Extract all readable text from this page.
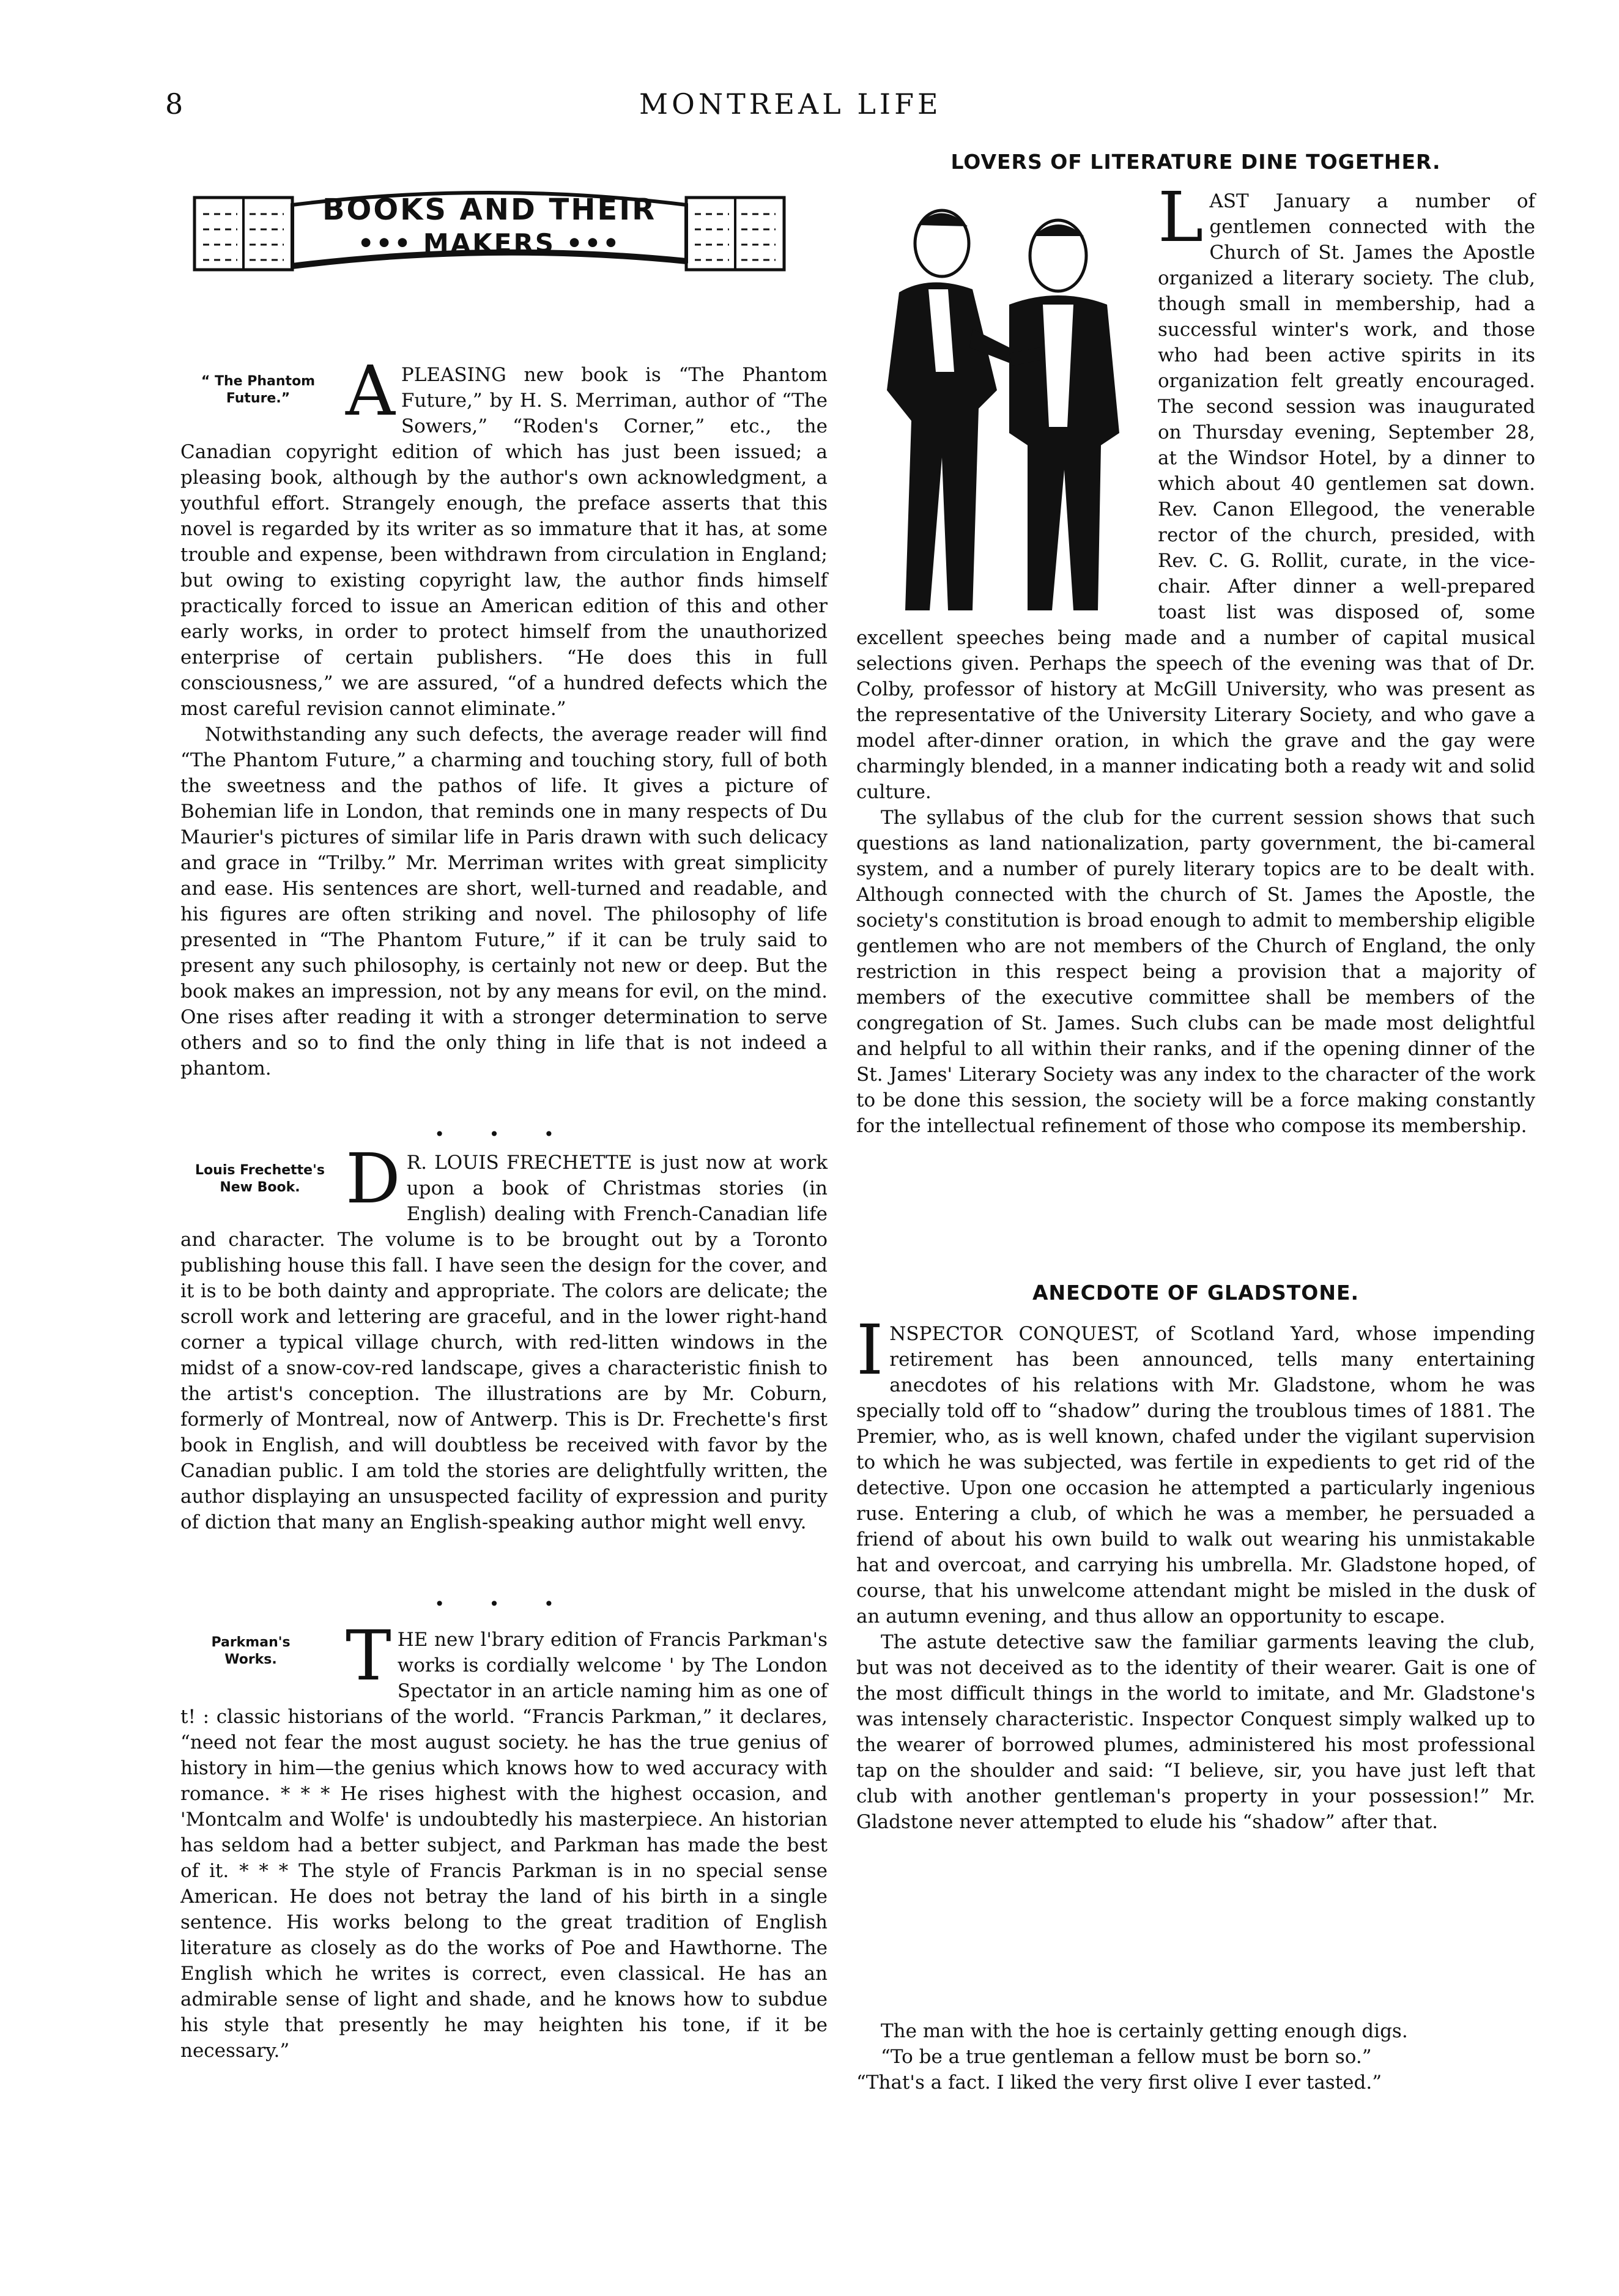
8	MONTREAL LIFE
BOOKS AND THEIR
••• MAKERS •••
“ The Phantom Future.” A PLEASING new book is “The Phantom Future,” by H. S. Merriman, author of “The Sowers,” “Roden's Corner,” etc., the Canadian copyright edition of which has just been issued; a pleasing book, although by the author's own acknowledgment, a youthful effort. Strangely enough, the preface asserts that this novel is regarded by its writer as so immature that it has, at some trouble and expense, been withdrawn from circulation in England; but owing to existing copyright law, the author finds himself practically forced to issue an American edition of this and other early works, in order to protect himself from the unauthorized enterprise of certain publishers. “He does this in full consciousness,” we are assured, “of a hundred defects which the most careful revision cannot eliminate.”

Notwithstanding any such defects, the average reader will find “The Phantom Future,” a charming and touching story, full of both the sweetness and the pathos of life. It gives a picture of Bohemian life in London, that reminds one in many respects of Du Maurier's pictures of similar life in Paris drawn with such delicacy and grace in “Trilby.” Mr. Merriman writes with great simplicity and ease. His sentences are short, well-turned and readable, and his figures are often striking and novel. The philosophy of life presented in “The Phantom Future,” if it can be truly said to present any such philosophy, is certainly not new or deep. But the book makes an impression, not by any means for evil, on the mind. One rises after reading it with a stronger determination to serve others and so to find the only thing in life that is not indeed a phantom.

• • •
Louis Frechette's New Book. D R. LOUIS FRECHETTE is just now at work upon a book of Christmas stories (in English) dealing with French-Canadian life and character. The volume is to be brought out by a Toronto publishing house this fall. I have seen the design for the cover, and it is to be both dainty and appropriate. The colors are delicate; the scroll work and lettering are graceful, and in the lower right-hand corner a typical village church, with red-litten windows in the midst of a snow-cov-red landscape, gives a characteristic finish to the artist's conception. The illustrations are by Mr. Coburn, formerly of Montreal, now of Antwerp. This is Dr. Frechette's first book in English, and will doubtless be received with favor by the Canadian public. I am told the stories are delightfully written, the author displaying an unsuspected facility of expression and purity of diction that many an English-speaking author might well envy.

• • •
Parkman's Works.	T HE new l'brary edition of Francis Parkman's works is cordially welcome ' by The London Spectator in an article naming him as one of t! : classic historians of the world. “Francis Parkman,” it declares, “need not fear the most august society. he has the true genius of history in him—the genius which knows how to wed accuracy with romance. * * * He rises highest with the highest occasion, and 'Montcalm and Wolfe' is undoubtedly his masterpiece. An historian has seldom had a better subject, and Parkman has made the best of it. * * * The style of Francis Parkman is in no special sense American. He does not betray the land of his birth in a single sentence. His works belong to the great tradition of English literature as closely as do the works of Poe and Hawthorne. The English which he writes is correct, even classical. He has an admirable sense of light and shade, and he knows how to subdue his style that presently he may heighten his tone, if it be necessary.”

LOVERS OF LITERATURE DINE TOGETHER.
L AST January a number of gentlemen connected with the Church of St. James the Apostle organized a literary society. The club, though small in membership, had a successful winter's work, and those who had been active spirits in its organization felt greatly encouraged. The second session was inaugurated on Thursday evening, September 28, at the Windsor Hotel, by a dinner to which about 40 gentlemen sat down. Rev. Canon Ellegood, the venerable rector of the church, presided, with Rev. C. G. Rollit, curate, in the vice-chair. After dinner a well-prepared toast list was disposed of, some excellent speeches being made and a number of capital musical selections given. Perhaps the speech of the evening was that of Dr. Colby, professor of history at McGill University, who was present as the representative of the University Literary Society, and who gave a model after-dinner oration, in which the grave and the gay were charmingly blended, in a manner indicating both a ready wit and solid culture.

The syllabus of the club for the current session shows that such questions as land nationalization, party government, the bi-cameral system, and a number of purely literary topics are to be dealt with. Although connected with the church of St. James the Apostle, the society's constitution is broad enough to admit to membership eligible gentlemen who are not members of the Church of England, the only restriction in this respect being a provision that a majority of members of the executive committee shall be members of the congregation of St. James. Such clubs can be made most delightful and helpful to all within their ranks, and if the opening dinner of the St. James' Literary Society was any index to the character of the work to be done this session, the society will be a force making constantly for the intellectual refinement of those who compose its membership.

ANECDOTE OF GLADSTONE.
I NSPECTOR CONQUEST, of Scotland Yard, whose impending retirement has been announced, tells many entertaining anecdotes of his relations with Mr. Gladstone, whom he was specially told off to “shadow” during the troublous times of 1881. The Premier, who, as is well known, chafed under the vigilant supervision to which he was subjected, was fertile in expedients to get rid of the detective. Upon one occasion he attempted a particularly ingenious ruse. Entering a club, of which he was a member, he persuaded a friend of about his own build to walk out wearing his unmistakable hat and overcoat, and carrying his umbrella. Mr. Gladstone hoped, of course, that his unwelcome attendant might be misled in the dusk of an autumn evening, and thus allow an opportunity to escape.

The astute detective saw the familiar garments leaving the club, but was not deceived as to the identity of their wearer. Gait is one of the most difficult things in the world to imitate, and Mr. Gladstone's was intensely characteristic. Inspector Conquest simply walked up to the wearer of borrowed plumes, administered his most professional tap on the shoulder and said: “I believe, sir, you have just left that club with another gentleman's property in your possession!” Mr. Gladstone never attempted to elude his “shadow” after that.

The man with the hoe is certainly getting enough digs.

“To be a true gentleman a fellow must be born so.”

“That's a fact. I liked the very first olive I ever tasted.”
